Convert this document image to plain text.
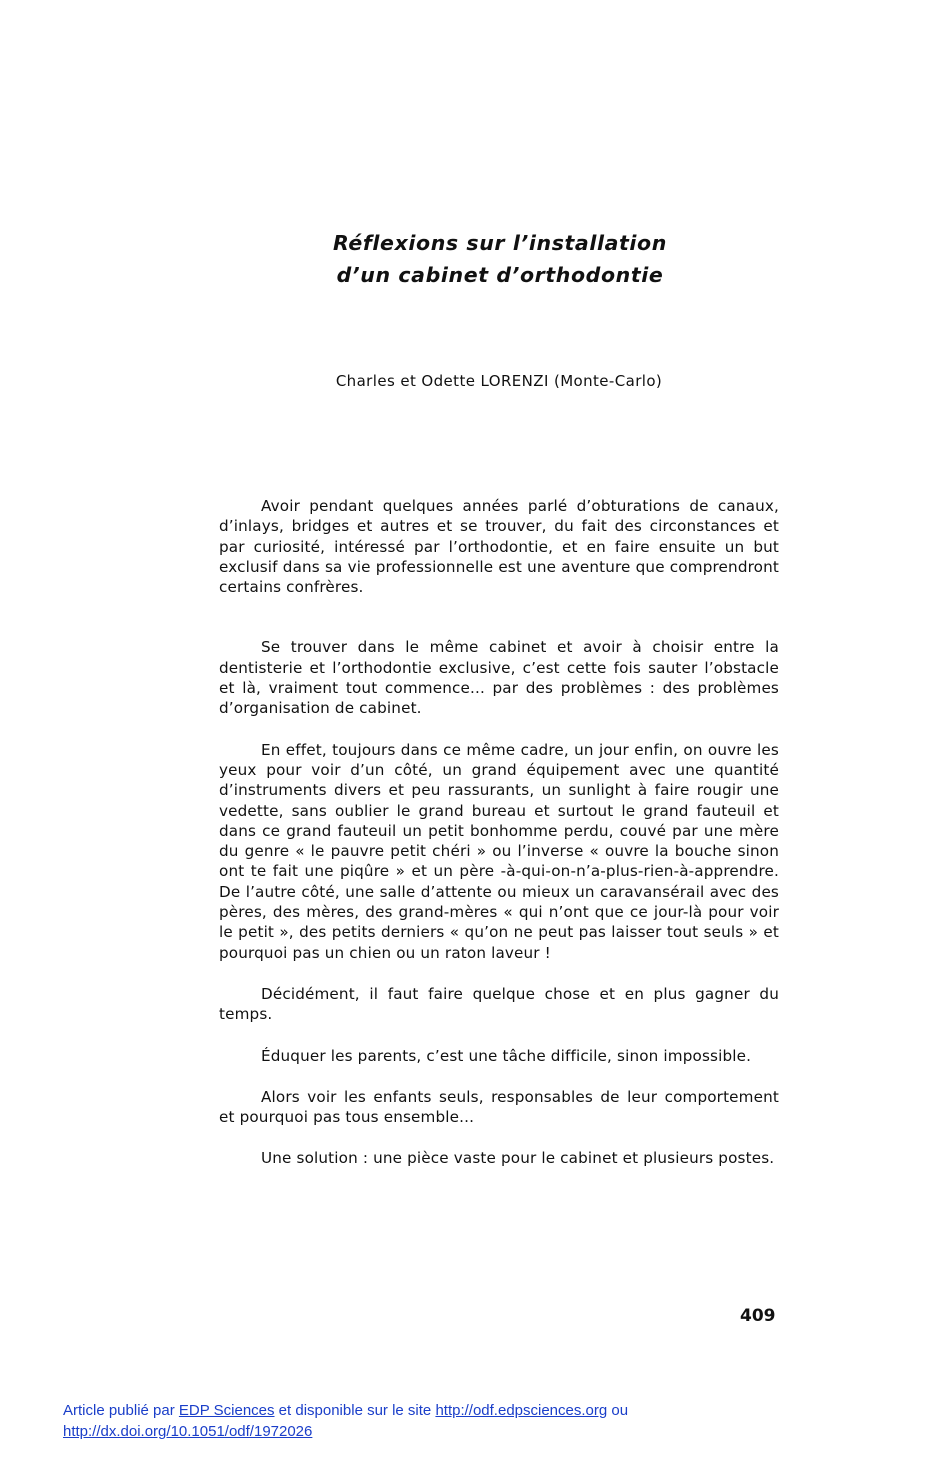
Réflexions sur l’installation
d’un cabinet d’orthodontie

Charles et Odette LORENZI (Monte-Carlo)

Avoir pendant quelques années parlé d’obturations de canaux, d’inlays, bridges et autres et se trouver, du fait des circonstances et par curiosité, intéressé par l’orthodontie, et en faire ensuite un but exclusif dans sa vie professionnelle est une aventure que comprendront certains confrères.

Se trouver dans le même cabinet et avoir à choisir entre la dentisterie et l’orthodontie exclusive, c’est cette fois sauter l’obstacle et là, vraiment tout commence... par des problèmes : des problèmes d’organisation de cabinet.

En effet, toujours dans ce même cadre, un jour enfin, on ouvre les yeux pour voir d’un côté, un grand équipement avec une quantité d’instruments divers et peu rassurants, un sunlight à faire rougir une vedette, sans oublier le grand bureau et surtout le grand fauteuil et dans ce grand fauteuil un petit bonhomme perdu, couvé par une mère du genre « le pauvre petit chéri » ou l’inverse « ouvre la bouche sinon ont te fait une piqûre » et un père -à-qui-on-n’a-plus-rien-à-apprendre. De l’autre côté, une salle d’attente ou mieux un caravansérail avec des pères, des mères, des grand-mères « qui n’ont que ce jour-là pour voir le petit », des petits derniers « qu’on ne peut pas laisser tout seuls » et pourquoi pas un chien ou un raton laveur !

Décidément, il faut faire quelque chose et en plus gagner du temps.

Éduquer les parents, c’est une tâche difficile, sinon impossible.

Alors voir les enfants seuls, responsables de leur comportement et pourquoi pas tous ensemble...

Une solution : une pièce vaste pour le cabinet et plusieurs postes.

409

Article publié par EDP Sciences et disponible sur le site http://odf.edpsciences.org ou
http://dx.doi.org/10.1051/odf/1972026
